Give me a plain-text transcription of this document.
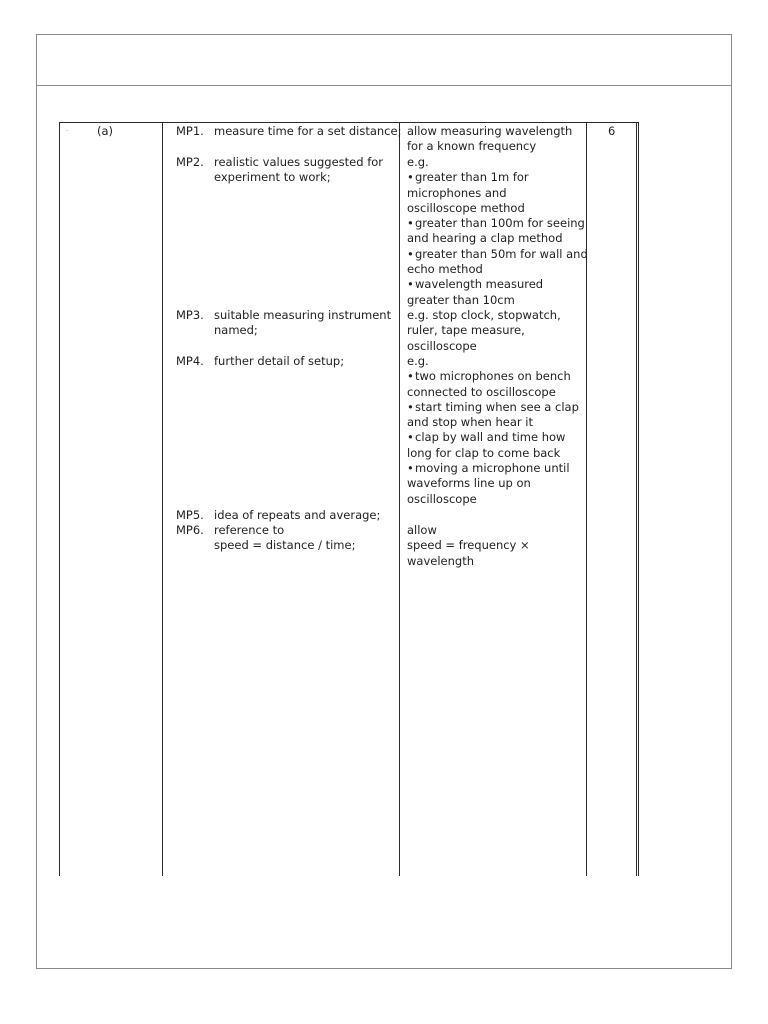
-	(a)	6
MP1. measure time for a set distance;
MP2. realistic values suggested for
experiment to work;
MP3. suitable measuring instrument
named;
MP4. further detail of setup;
MP5. idea of repeats and average;
MP6. reference to
speed = distance / time;
allow measuring wavelength
for a known frequency
e.g.
•greater than 1m for
microphones and
oscilloscope method
•greater than 100m for seeing
and hearing a clap method
•greater than 50m for wall and
echo method
•wavelength measured
greater than 10cm
e.g. stop clock, stopwatch,
ruler, tape measure,
oscilloscope
e.g.
•two microphones on bench
connected to oscilloscope
•start timing when see a clap
and stop when hear it
•clap by wall and time how
long for clap to come back
•moving a microphone until
waveforms line up on
oscilloscope
allow
speed = frequency ×
wavelength
